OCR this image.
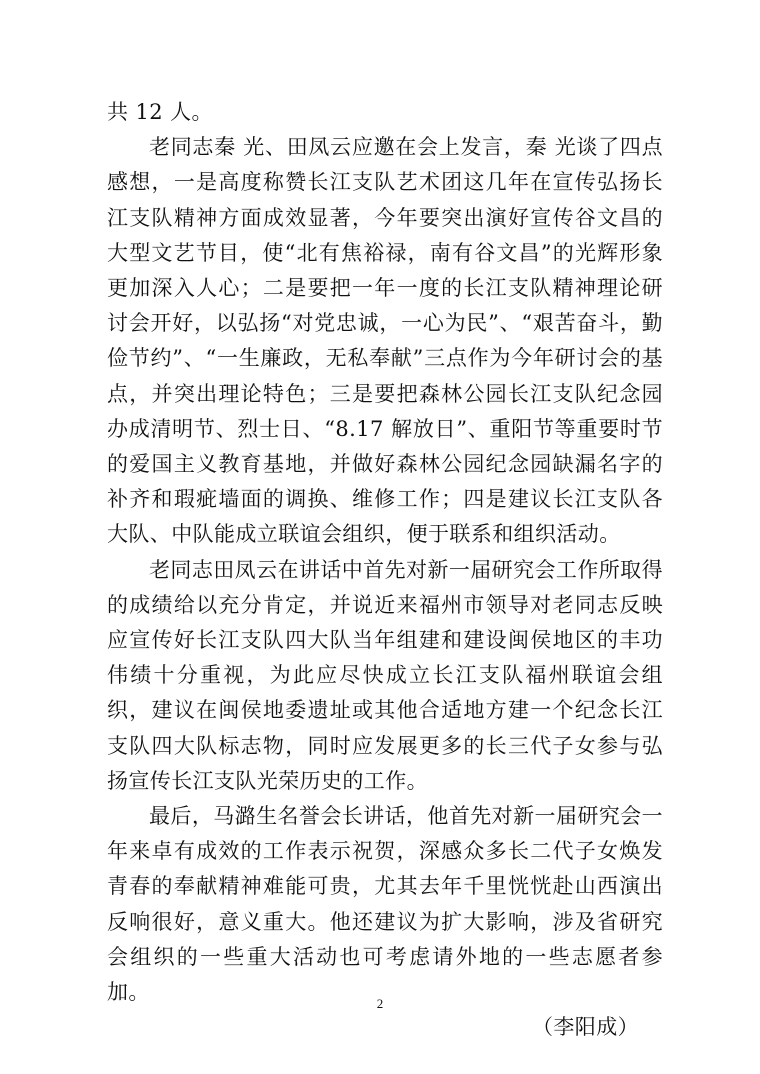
共 12 人。

老同志秦 光、田凤云应邀在会上发言，秦 光谈了四点感想，一是高度称赞长江支队艺术团这几年在宣传弘扬长江支队精神方面成效显著，今年要突出演好宣传谷文昌的大型文艺节目，使“北有焦裕禄，南有谷文昌”的光辉形象更加深入人心；二是要把一年一度的长江支队精神理论研讨会开好，以弘扬“对党忠诚，一心为民”、“艰苦奋斗，勤俭节约”、“一生廉政，无私奉献”三点作为今年研讨会的基点，并突出理论特色；三是要把森林公园长江支队纪念园办成清明节、烈士日、“8.17 解放日”、重阳节等重要时节的爱国主义教育基地，并做好森林公园纪念园缺漏名字的补齐和瑕疵墙面的调换、维修工作；四是建议长江支队各大队、中队能成立联谊会组织，便于联系和组织活动。

老同志田凤云在讲话中首先对新一届研究会工作所取得的成绩给以充分肯定，并说近来福州市领导对老同志反映应宣传好长江支队四大队当年组建和建设闽侯地区的丰功伟绩十分重视，为此应尽快成立长江支队福州联谊会组织，建议在闽侯地委遗址或其他合适地方建一个纪念长江支队四大队标志物，同时应发展更多的长三代子女参与弘扬宣传长江支队光荣历史的工作。

最后，马潞生名誉会长讲话，他首先对新一届研究会一年来卓有成效的工作表示祝贺，深感众多长二代子女焕发青春的奉献精神难能可贵，尤其去年千里恍恍赴山西演出反响很好，意义重大。他还建议为扩大影响，涉及省研究会组织的一些重大活动也可考虑请外地的一些志愿者参加。

（李阳成）

2
